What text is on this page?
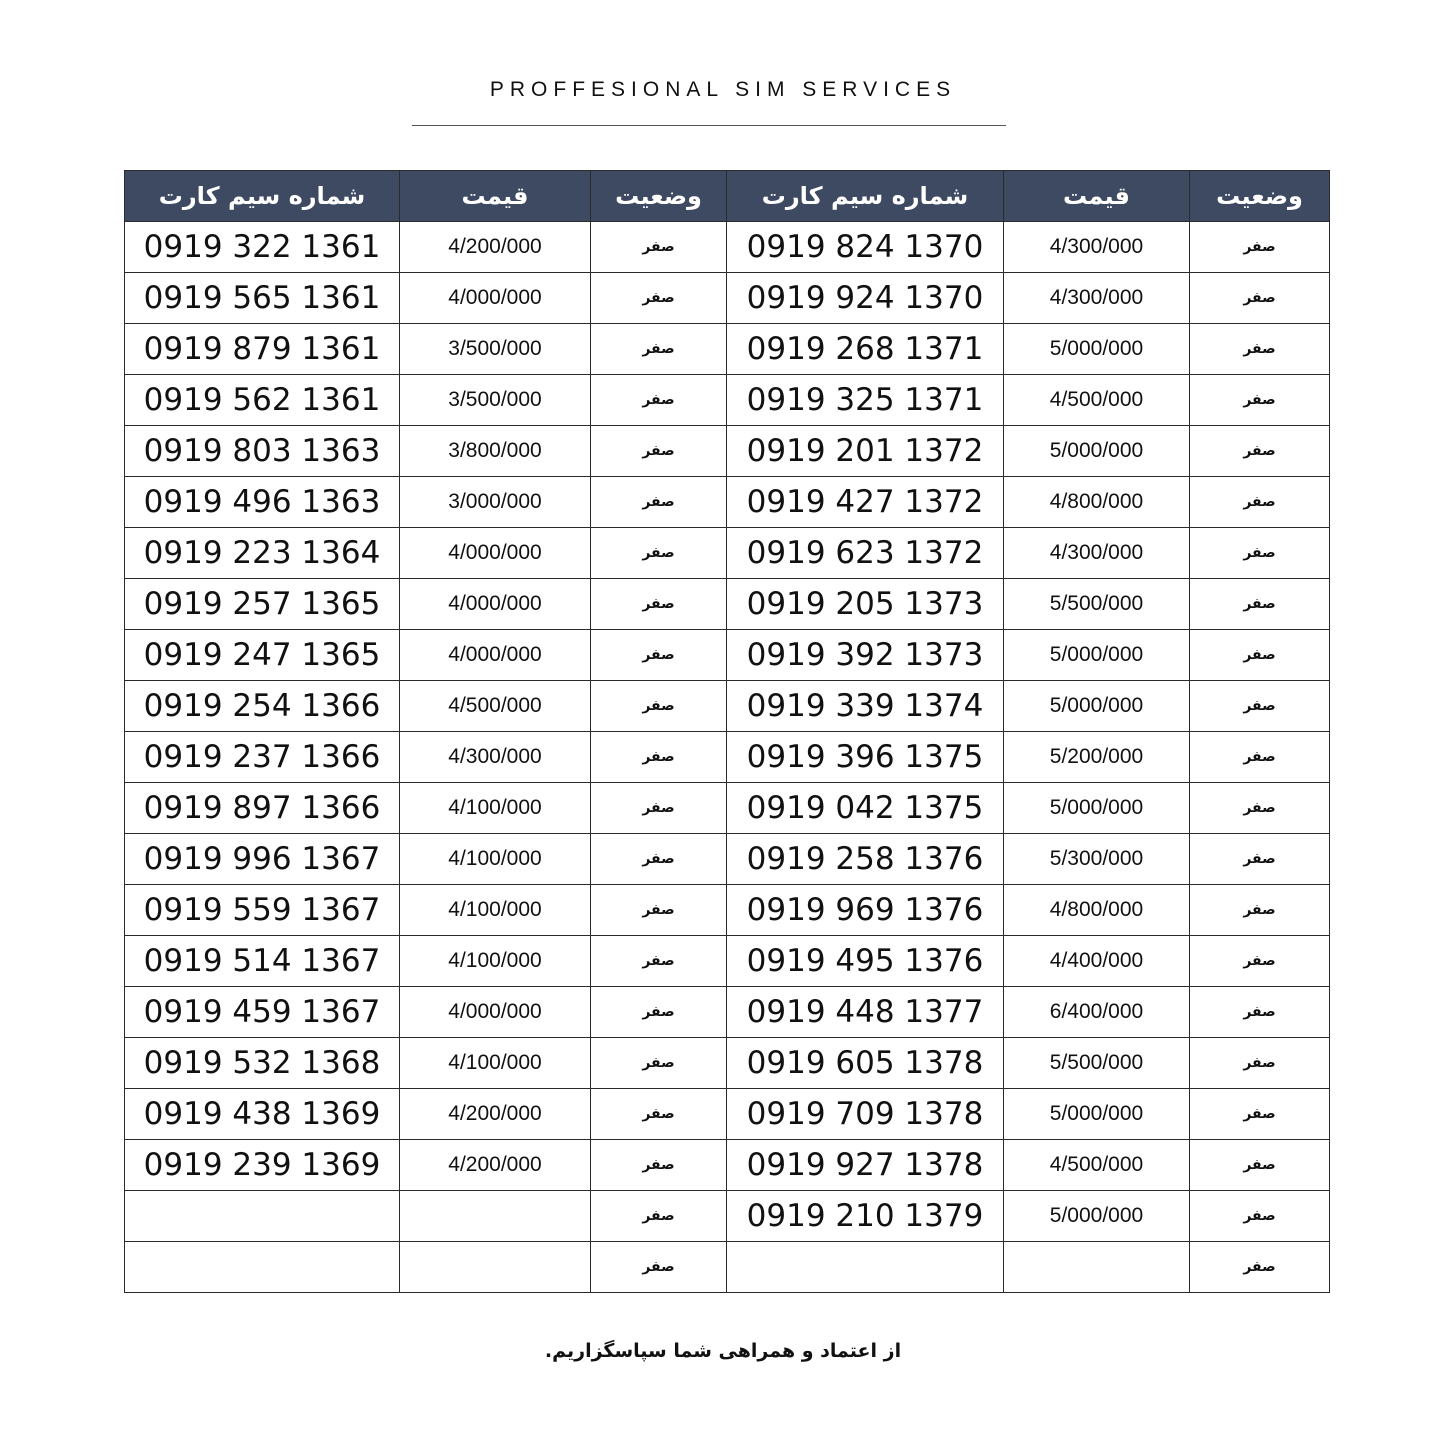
PROFFESIONAL SIM SERVICES
شماره سیم کارت	قیمت	وضعیت	شماره سیم کارت	قیمت	وضعیت
0919 322 1361	4/200/000	صفر	0919 824 1370	4/300/000	صفر
0919 565 1361	4/000/000	صفر	0919 924 1370	4/300/000	صفر
0919 879 1361	3/500/000	صفر	0919 268 1371	5/000/000	صفر
0919 562 1361	3/500/000	صفر	0919 325 1371	4/500/000	صفر
0919 803 1363	3/800/000	صفر	0919 201 1372	5/000/000	صفر
0919 496 1363	3/000/000	صفر	0919 427 1372	4/800/000	صفر
0919 223 1364	4/000/000	صفر	0919 623 1372	4/300/000	صفر
0919 257 1365	4/000/000	صفر	0919 205 1373	5/500/000	صفر
0919 247 1365	4/000/000	صفر	0919 392 1373	5/000/000	صفر
0919 254 1366	4/500/000	صفر	0919 339 1374	5/000/000	صفر
0919 237 1366	4/300/000	صفر	0919 396 1375	5/200/000	صفر
0919 897 1366	4/100/000	صفر	0919 042 1375	5/000/000	صفر
0919 996 1367	4/100/000	صفر	0919 258 1376	5/300/000	صفر
0919 559 1367	4/100/000	صفر	0919 969 1376	4/800/000	صفر
0919 514 1367	4/100/000	صفر	0919 495 1376	4/400/000	صفر
0919 459 1367	4/000/000	صفر	0919 448 1377	6/400/000	صفر
0919 532 1368	4/100/000	صفر	0919 605 1378	5/500/000	صفر
0919 438 1369	4/200/000	صفر	0919 709 1378	5/000/000	صفر
0919 239 1369	4/200/000	صفر	0919 927 1378	4/500/000	صفر
		صفر	0919 210 1379	5/000/000	صفر
		صفر			صفر
از اعتماد و همراهی شما سپاسگزاریم.
